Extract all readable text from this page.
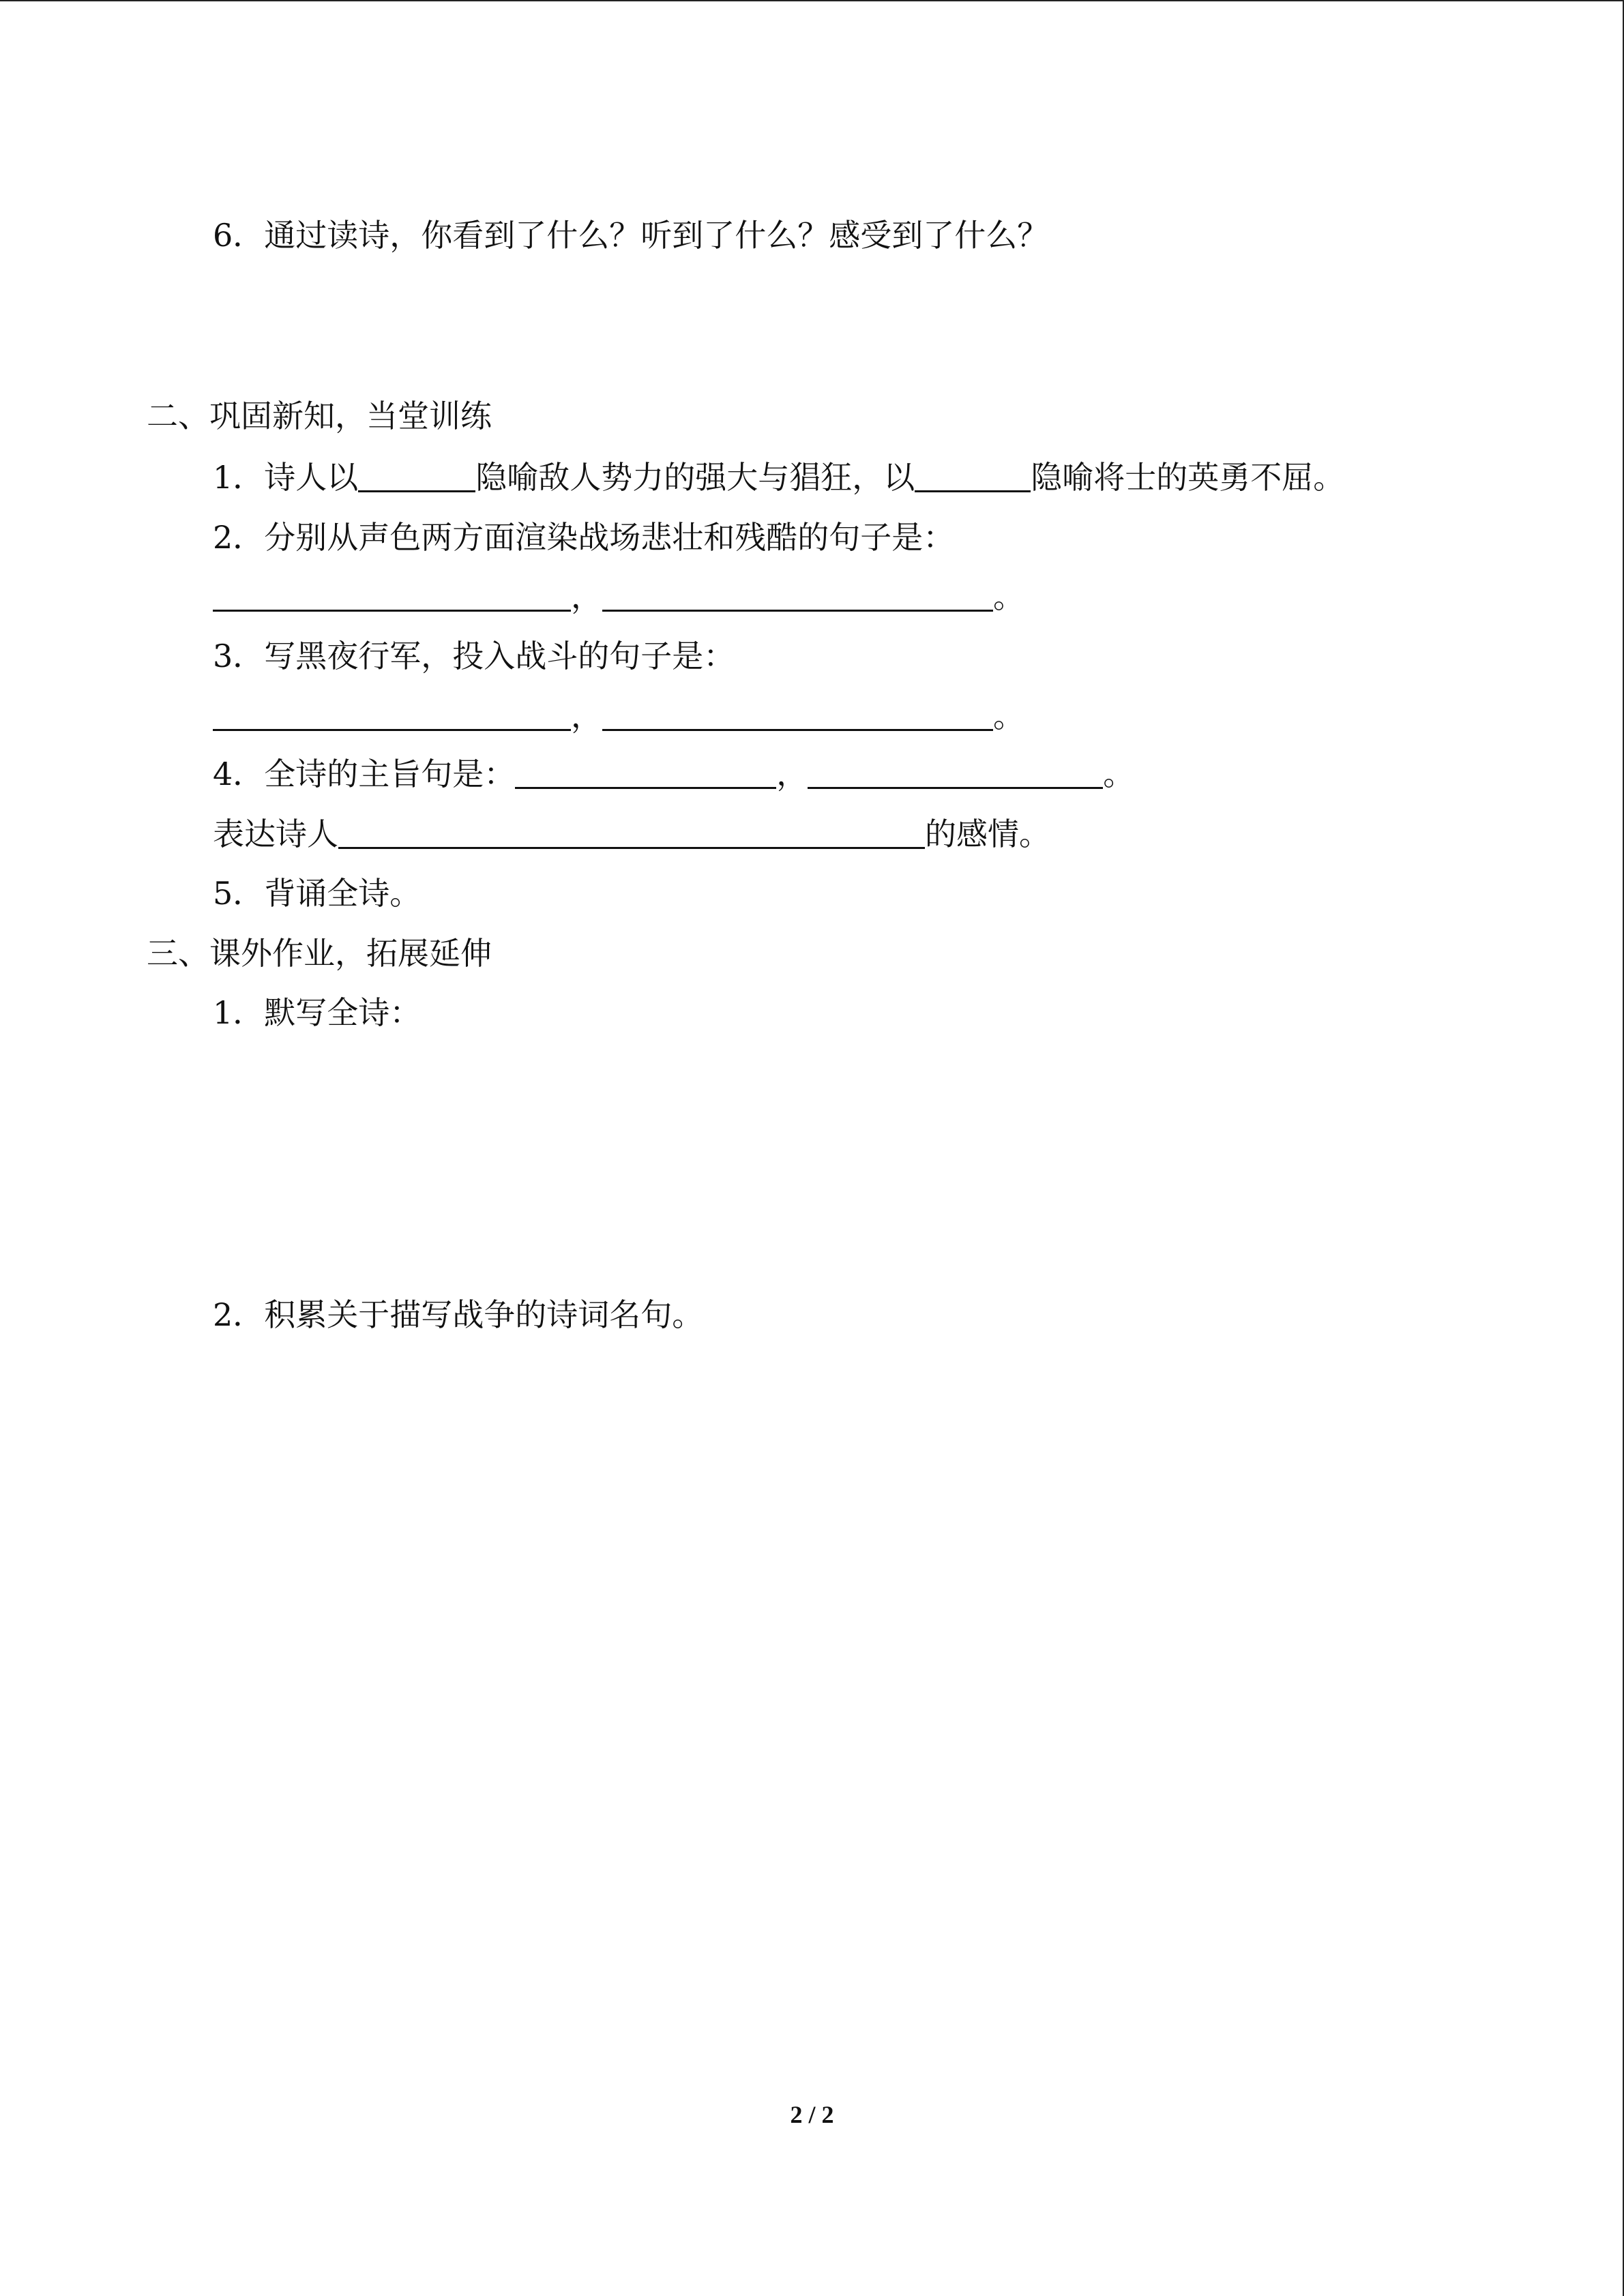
6．通过读诗，你看到了什么？听到了什么？感受到了什么？
二、巩固新知，当堂训练
1．诗人以	隐喻敌人势力的强大与猖狂，以	隐喻将士的英勇不屈。
2．分别从声色两方面渲染战场悲壮和残酷的句子是：
，	。
3．写黑夜行军，投入战斗的句子是：
，	。
4．全诗的主旨句是：	，	。
表达诗人	的感情。
5．背诵全诗。
三、课外作业，拓展延伸
1．默写全诗：
2．积累关于描写战争的诗词名句。
2 / 2
